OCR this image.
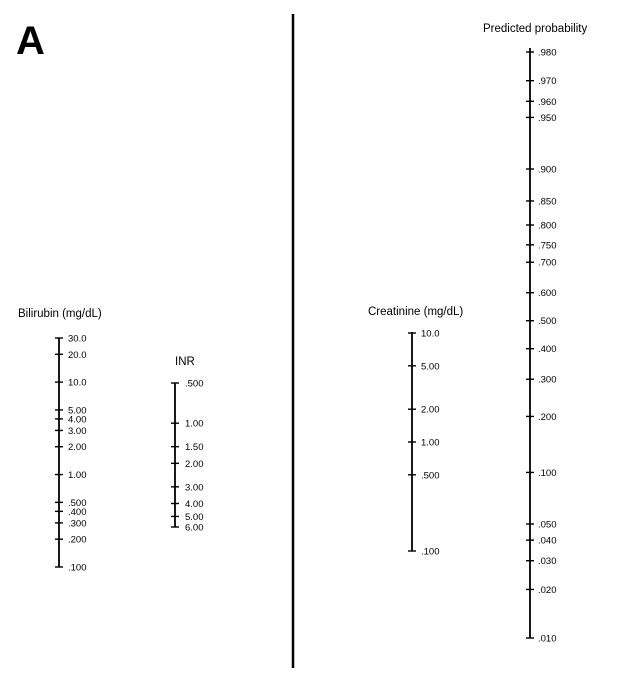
A
Bilirubin (mg/dL)
30.0
20.0
10.0
5.00
4.00
3.00
2.00
1.00
.500
.400
.300
.200
.100
INR
.500
1.00
1.50
2.00
3.00
4.00
5.00
6.00
Creatinine (mg/dL)
10.0
5.00
2.00
1.00
.500
.100
Predicted probability
.980
.970
.960
.950
.900
.850
.800
.750
.700
.600
.500
.400
.300
.200
.100
.050
.040
.030
.020
.010
